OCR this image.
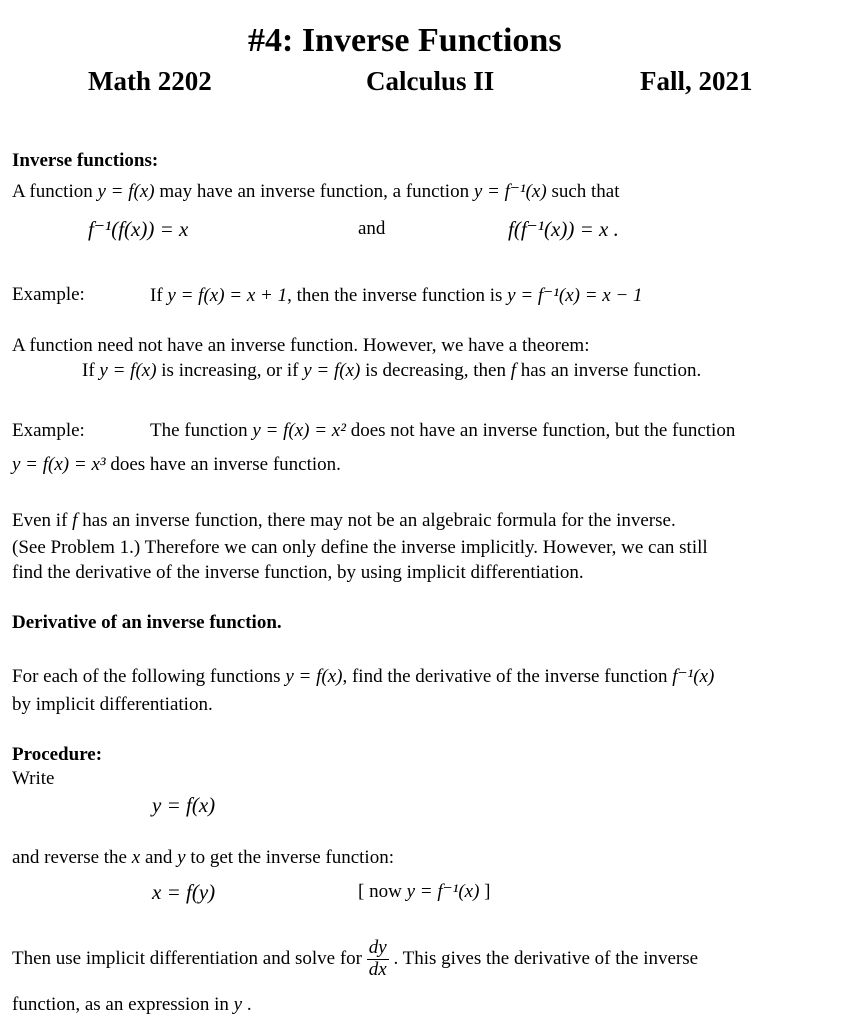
#4: Inverse Functions
Math 2202	Calculus II	Fall, 2021
Inverse functions:
A function y = f(x) may have an inverse function, a function y = f⁻¹(x) such that
f⁻¹(f(x)) = x	and	f(f⁻¹(x)) = x .
Example:	If y = f(x) = x + 1, then the inverse function is y = f⁻¹(x) = x − 1
A function need not have an inverse function. However, we have a theorem:
If y = f(x) is increasing, or if y = f(x) is decreasing, then f has an inverse function.
Example:	The function y = f(x) = x² does not have an inverse function, but the function
y = f(x) = x³ does have an inverse function.
Even if f has an inverse function, there may not be an algebraic formula for the inverse.
(See Problem 1.) Therefore we can only define the inverse implicitly. However, we can still
find the derivative of the inverse function, by using implicit differentiation.
Derivative of an inverse function.
For each of the following functions y = f(x), find the derivative of the inverse function f⁻¹(x)
by implicit differentiation.
Procedure:
Write
y = f(x)
and reverse the x and y to get the inverse function:
x = f(y)	[ now y = f⁻¹(x) ]
Then use implicit differentiation and solve for $\frac{dy}{dx}$ . This gives the derivative of the inverse
function, as an expression in y .
